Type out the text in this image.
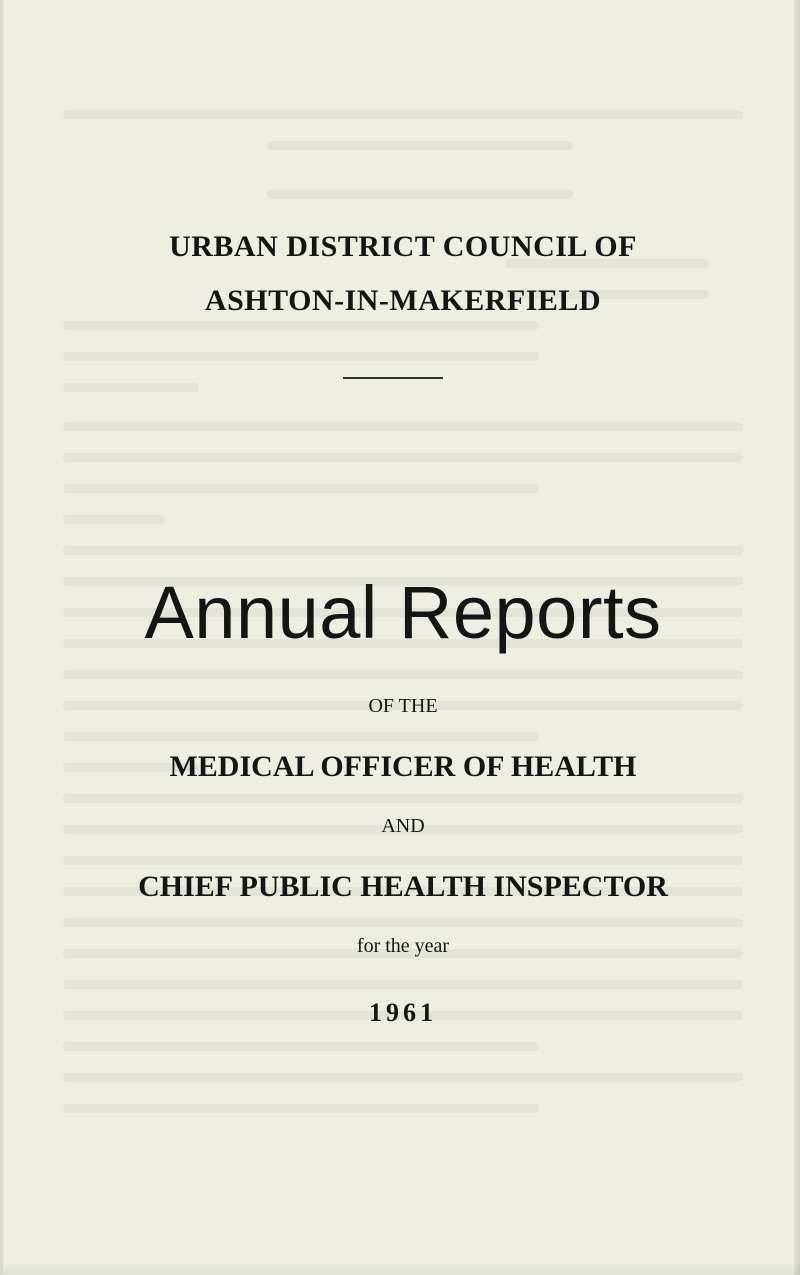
URBAN DISTRICT COUNCIL OF
ASHTON-IN-MAKERFIELD
Annual Reports
OF THE
MEDICAL OFFICER OF HEALTH
AND
CHIEF PUBLIC HEALTH INSPECTOR
for the year
1961
